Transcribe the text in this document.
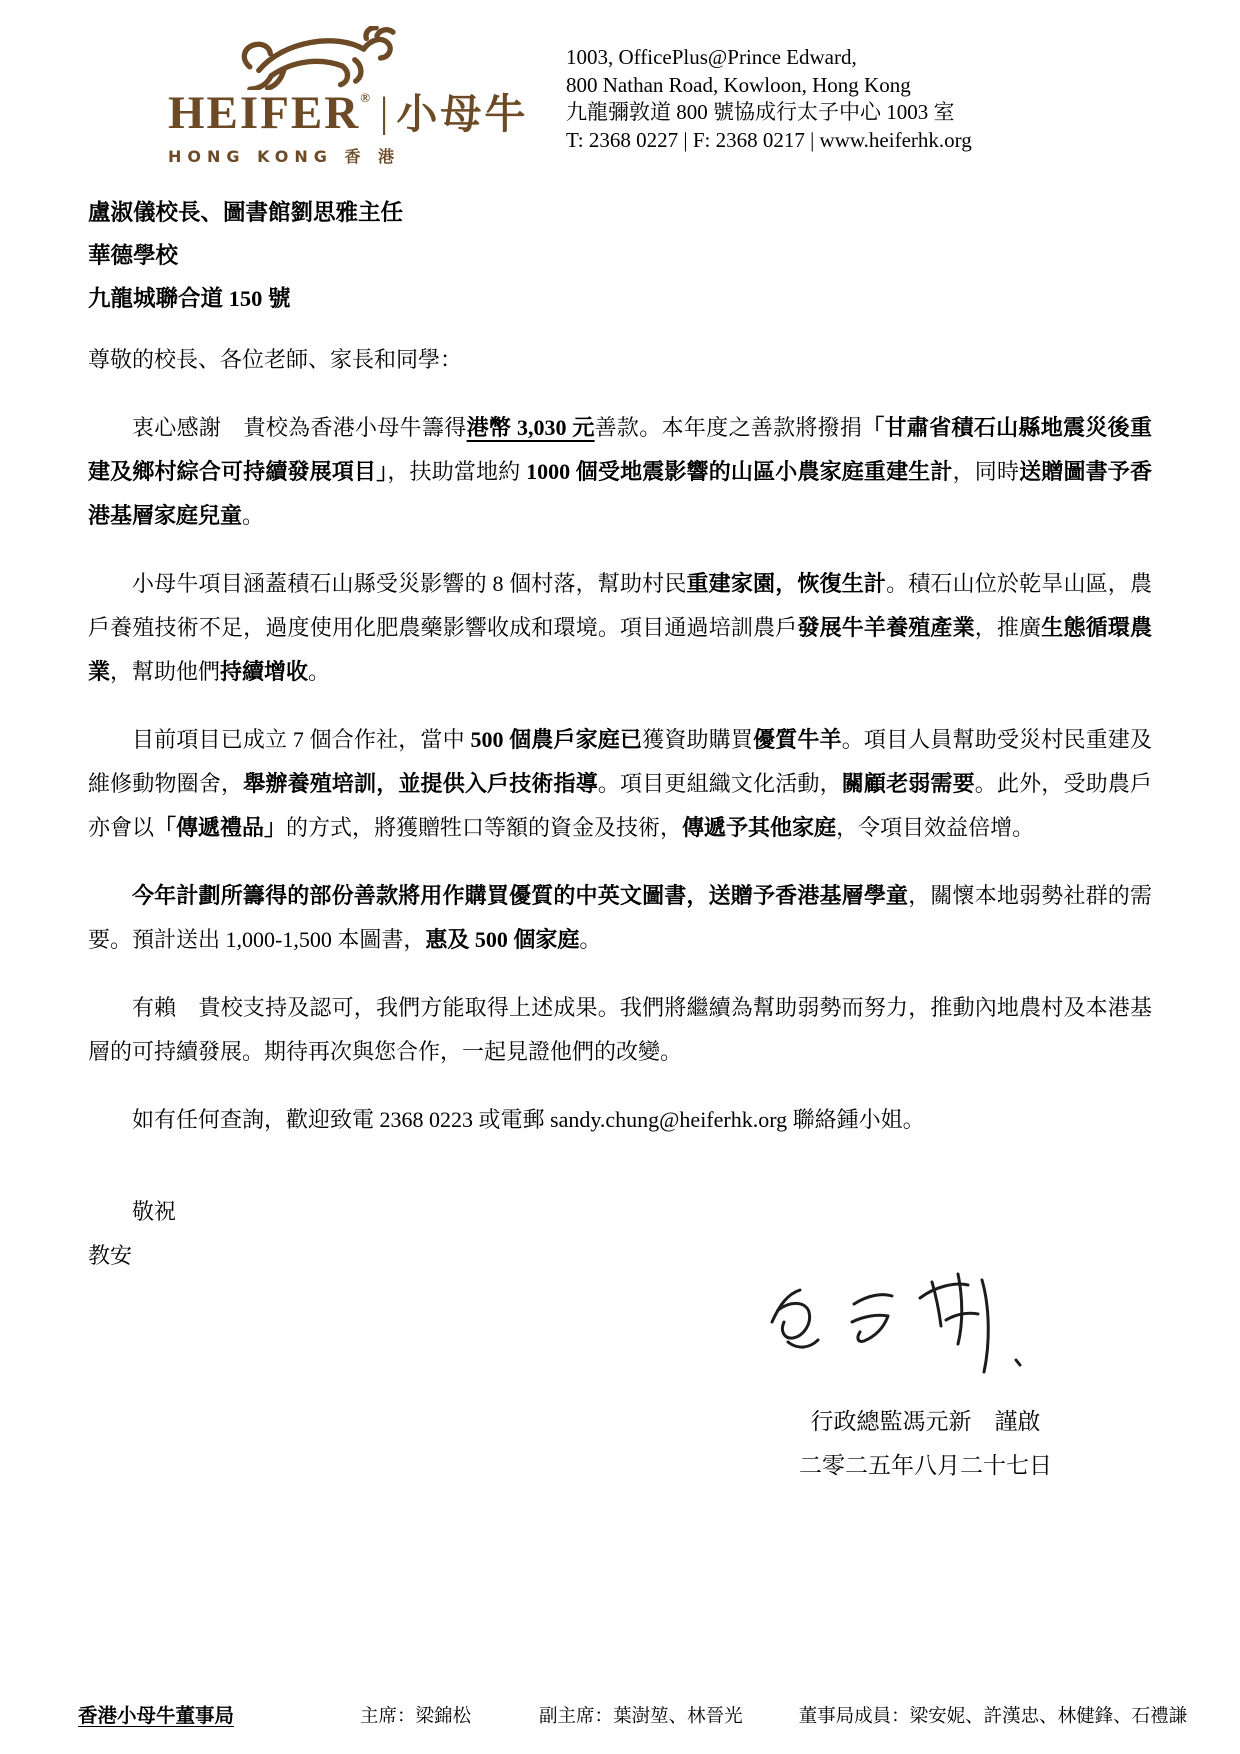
HEIFER ® | 小母牛
HONG KONG 香 港
1003, OfficePlus@Prince Edward,
800 Nathan Road, Kowloon, Hong Kong
九龍彌敦道 800 號協成行太子中心 1003 室
T: 2368 0227 | F: 2368 0217 | www.heiferhk.org
盧淑儀校長、圖書館劉思雅主任
華德學校
九龍城聯合道 150 號
尊敬的校長、各位老師、家長和同學：

衷心感謝　貴校為香港小母牛籌得港幣 3,030 元善款。本年度之善款將撥捐「甘肅省積石山縣地震災後重建及鄉村綜合可持續發展項目」，扶助當地約 1000 個受地震影響的山區小農家庭重建生計，同時送贈圖書予香港基層家庭兒童。

小母牛項目涵蓋積石山縣受災影響的 8 個村落，幫助村民重建家園，恢復生計。積石山位於乾旱山區，農戶養殖技術不足，過度使用化肥農藥影響收成和環境。項目通過培訓農戶發展牛羊養殖產業，推廣生態循環農業，幫助他們持續增收。

目前項目已成立 7 個合作社，當中 500 個農戶家庭已獲資助購買優質牛羊。項目人員幫助受災村民重建及維修動物圈舍，舉辦養殖培訓，並提供入戶技術指導。項目更組織文化活動，關顧老弱需要。此外，受助農戶亦會以「傳遞禮品」的方式，將獲贈牲口等額的資金及技術，傳遞予其他家庭，令項目效益倍增。

今年計劃所籌得的部份善款將用作購買優質的中英文圖書，送贈予香港基層學童，關懷本地弱勢社群的需要。預計送出 1,000-1,500 本圖書，惠及 500 個家庭。

有賴　貴校支持及認可，我們方能取得上述成果。我們將繼續為幫助弱勢而努力，推動內地農村及本港基層的可持續發展。期待再次與您合作，一起見證他們的改變。

如有任何查詢，歡迎致電 2368 0223 或電郵 sandy.chung@heiferhk.org 聯絡鍾小姐。

敬祝
教安
行政總監馮元新　謹啟
二零二五年八月二十七日
香港小母牛董事局	主席：梁錦松	副主席：葉澍堃、林晉光	董事局成員：梁安妮、許漢忠、林健鋒、石禮謙
